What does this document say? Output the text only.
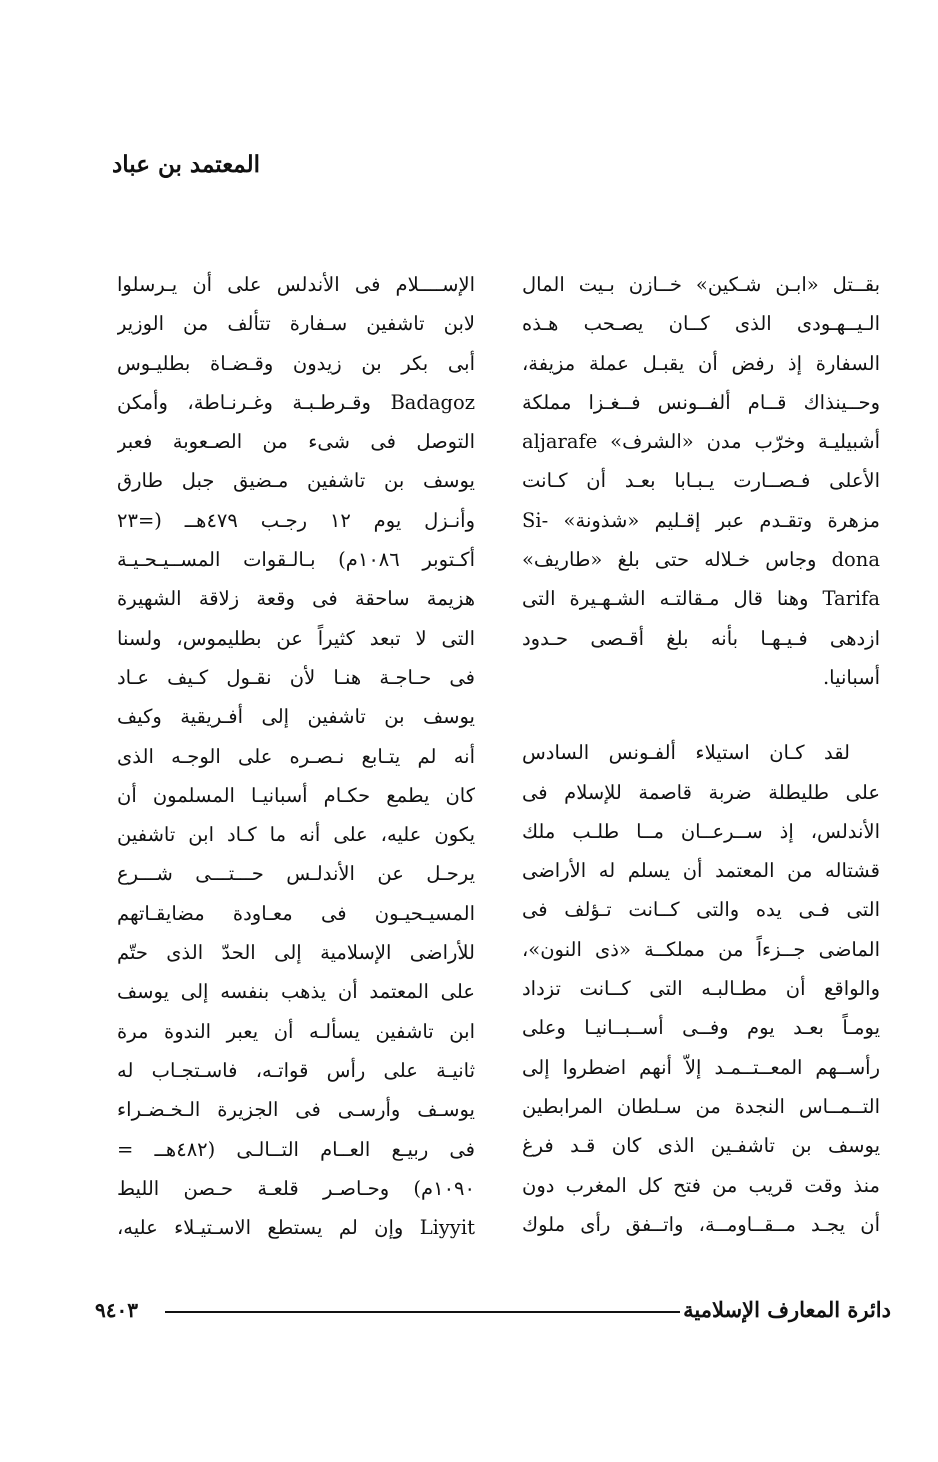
المعتمد بن عباد
بقــتل «ابـن شـكين» خــازن بـيت المال
الـيــهـودى الذى كــان يصـحب هـذه
السفارة إذ رفض أن يقبـل عملة مزيفة،
وحــينذاك قــام ألفــونس فــغـزا مملكة
أشبيليـة وخرّب مدن «الشرف» aljarafe
الأعلى فـصــارت يـبـابا بعـد أن كـانت
مزهرة وتقـدم عبر إقـليم «شذونة» -Si
dona وجاس خـلاله حتى بلغ «طاريف»
Tarifa وهنا قال مـقالتـه الشـهـيرة التى
ازدهى فـيـهـا بأنه بلغ أقـصى حـدود
أسبانيا.
لقد كـان استيلاء ألفـونس السادس
على طليطلة ضربة قاصمة للإسلام فى
الأندلس، إذ ســرعــان مــا طلـب ملك
قشتاله من المعتمد أن يسلم له الأراضى
التى فـى يده والتى كــانت تـؤلف فى
الماضى جــزءاً من مملكــة «ذى النون»،
والواقع أن مطـالبـه التى كــانت تزداد
يومـاً بعـد يوم وفــى أســبــانيـا وعلى
رأســهم المعــتــمـد إلاّ أنهم اضطروا إلى
التــمــاس النجدة من سـلطان المرابطين
يوسف بن تاشفـين الذى كان قـد فرغ
منذ وقت قريب من فتح كل المغرب دون
أن يجـد مــقــاومــة، واتــفق رأى ملوك
الإســــلام فى الأندلس على أن يـرسلوا
لابن تاشفين سـفارة تتألف من الوزير
أبى بكر بن زيدون وقـضـاة بطليـوس
Badagoz وقـرطـبـة وغـرنـاطة، وأمكن
التوصل فى شىء من الصـعوبة فعبر
يوسف بن تاشفين مـضيق جبل طارق
وأنـزل يوم ١٢ رجـب ٤٧٩هــ (=٢٣
أكـتوبر ١٠٨٦م) بـالـقوات المســيـحـيـة
هزيمة ساحقة فى وقعة زلاقة الشهيرة
التى لا تبعد كثيراً عن بطليموس، ولسنا
فى حـاجـة هنـا لأن نقـول كـيف عـاد
يوسف بن تاشفين إلى أفـريقية وكيف
أنه لم يتـابع نـصـره على الوجـه الذى
كان يطمع حكـام أسبانيـا المسلمون أن
يكون عليه، على أنه ما كـاد ابن تاشفين
يرحـل عن الأندلـس حـــتـــى شـــرع
المسيـحيـون فى معـاودة مضايقـاتهم
للأراضى الإسلامية إلى الحدّ الذى حتّم
على المعتمد أن يذهب بنفسه إلى يوسف
ابن تاشفين يسألـه أن يعبر الندوة مرة
ثانيـة على رأس قواتـه، فاسـتجـاب له
يوسـف وأرسـى فى الجزيرة الـخـضـراء
فى ربيـع العــام التــالـى (٤٨٢هــ =
١٠٩٠م) وحـاصـر قلعـة حـصن الليط
Liyyit وإن لم يستطع الاسـتيـلاء عليه،
دائرة المعارف الإسلامية
٩٤٠٣
